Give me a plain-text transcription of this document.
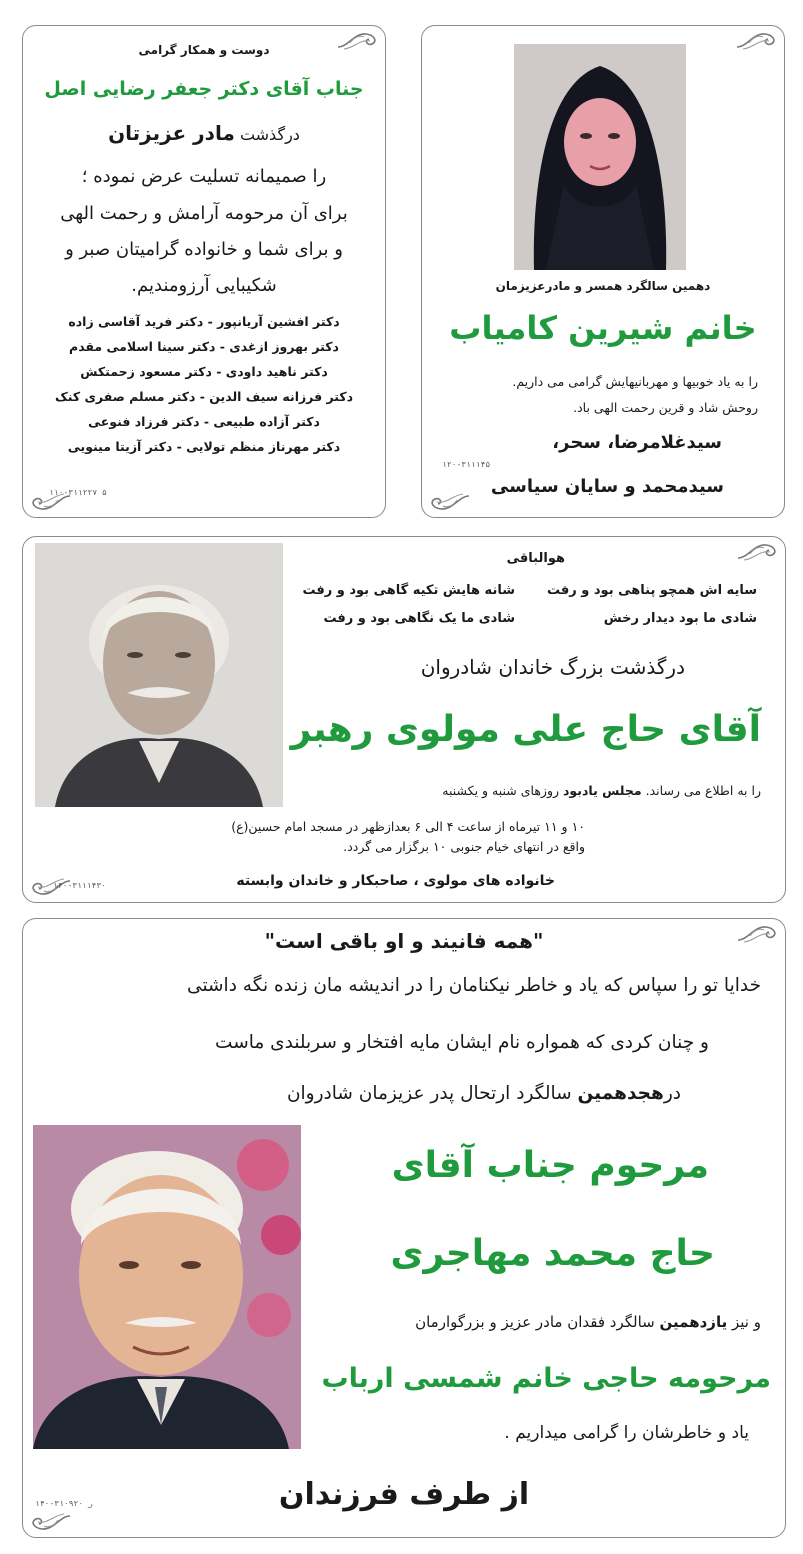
دوست و همکار گرامی
جناب آقای دکتر جعفر رضایی اصل
درگذشت مادر عزیزتان
را صمیمانه تسلیت عرض نموده ؛
برای آن مرحومه آرامش و رحمت الهی
و برای شما و خانواده گرامیتان صبر و
شکیبایی آرزومندیم.
دکتر افشین آریانپور - دکتر فرید آقاسی زاده
دکتر بهروز ازغدی - دکتر سینا اسلامی مقدم
دکتر ناهید داودی - دکتر مسعود زحمتکش
دکتر فرزانه سیف الدین - دکتر مسلم صفری کنک
دکتر آزاده طبیعی - دکتر فرزاد فنوعی
دکتر مهرناز منظم تولایی - دکتر آزیتا مینویی
۱۱۰-۳۱۱۲۲۷ ۵
دهمین سالگرد همسر و مادرعزیزمان
خانم شیرین کامیاب
را به یاد خوبیها و مهربانیهایش گرامی می داریم.
روحش شاد و قرین رحمت الهی باد.
سیدغلامرضا، سحر،
سیدمحمد و سایان سیاسی
۱۲۰-۳۱۱۱۴۵
هوالباقی
سایه اش همچو پناهی بود و رفت
شانه هایش تکیه گاهی بود و رفت
شادی ما بود دیدار رخش
شادی ما یک نگاهی بود و رفت
درگذشت بزرگ خاندان شادروان
آقای حاج علی مولوی رهبر
را به اطلاع می رساند. مجلس یادبود روزهای شنبه و یکشنبه
۱۰ و ۱۱ تیرماه از ساعت ۴ الی ۶ بعدازظهر در مسجد امام حسین(ع)
واقع در انتهای خیام جنوبی ۱۰ برگزار می گردد.
خانواده های مولوی ، صاحبکار و خاندان وابسته
۱۴۰-۳۱۱۱۴۳۰
"همه فانیند و او باقی است"
خدایا تو را سپاس که یاد و خاطر نیکنامان را در اندیشه مان زنده نگه داشتی
و چنان کردی که همواره نام ایشان مایه افتخار و سربلندی ماست
درهجدهمین سالگرد ارتحال پدر عزیزمان شادروان
مرحوم جناب آقای
حاج محمد مهاجری
و نیز یازدهمین سالگرد فقدان مادر عزیز و بزرگوارمان
مرحومه حاجی خانم شمسی ارباب
یاد و خاطرشان را گرامی میداریم .
از طرف فرزندان
۱۴۰-۳۱۰۹۲۰ ر
